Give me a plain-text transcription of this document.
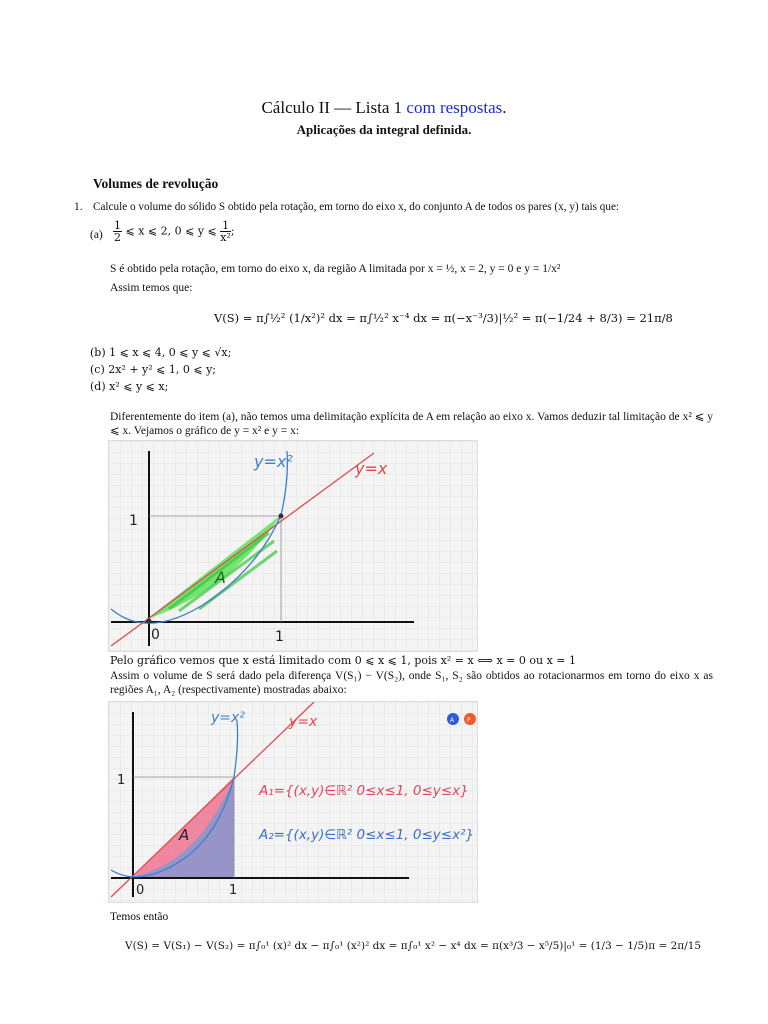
Cálculo II — Lista 1 com respostas.
Aplicações da integral definida.
Volumes de revolução
1. Calcule o volume do sólido S obtido pela rotação, em torno do eixo x, do conjunto A de todos os pares (x, y) tais que:
$(a) \frac{1}{2}$ ⩽ x ⩽ 2, 0 ⩽ y ⩽ $\frac{1}{\text{x²}}$ ;
S é obtido pela rotação, em torno do eixo x, da região A limitada por x = ½, x = 2, y = 0 e y = 1/x²
Assim temos que:
V(S) = π∫½² (1/x²)² dx = π∫½² x⁻⁴ dx = π(−x⁻³/3)|½² = π(−1/24 + 8/3) = 21π/8
(b) 1 ⩽ x ⩽ 4, 0 ⩽ y ⩽ √x;
(c) 2x² + y² ⩽ 1, 0 ⩽ y;
(d) x² ⩽ y ⩽ x;
Diferentemente do item (a), não temos uma delimitação explícita de A em relação ao eixo x. Vamos deduzir tal limitação de x² ⩽ y ⩽ x. Vejamos o gráfico de y = x² e y = x:
y=x²	y=x
A
1
1
0
Pelo gráfico vemos que x está limitado com 0 ⩽ x ⩽ 1, pois x² = x ⟺ x = 0 ou x = 1
Assim o volume de S será dado pela diferença V(S₁) − V(S₂), onde S₁, S₂ são obtidos ao rotacionarmos em torno do eixo x as regiões A₁, A₂ (respectivamente) mostradas abaixo:
y=x²	y=x
A
1
1
0
A₁={(x,y)∈ℝ² 0≤x≤1, 0≤y≤x}
A₂={(x,y)∈ℝ² 0≤x≤1, 0≤y≤x²}
A P
Temos então
V(S) = V(S₁) − V(S₂) = π∫₀¹ (x)² dx − π∫₀¹ (x²)² dx = π∫₀¹ x² − x⁴ dx = π(x³/3 − x⁵/5)|₀¹ = (1/3 − 1/5)π = 2π/15
